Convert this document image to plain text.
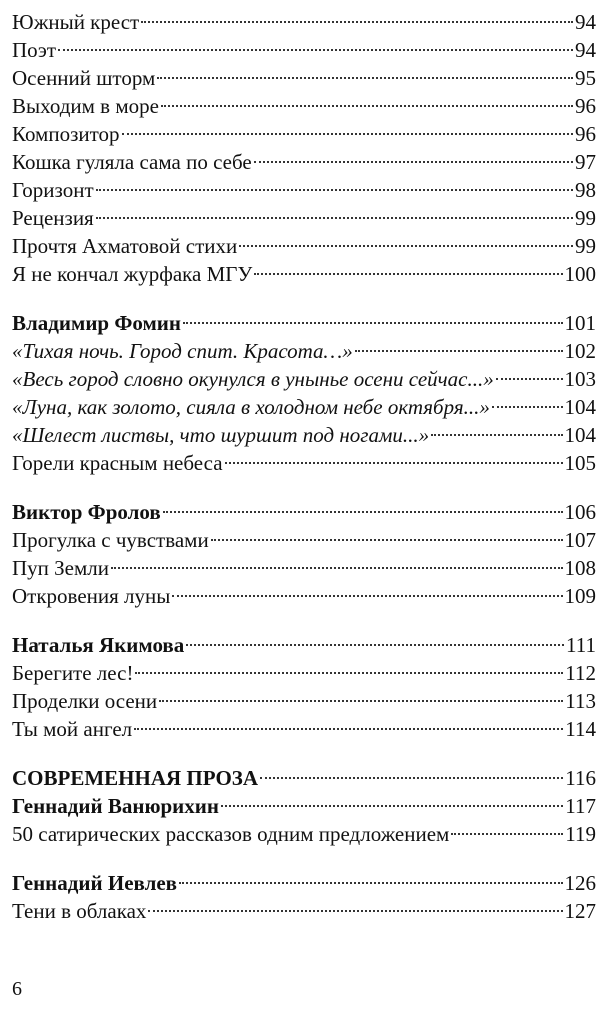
Южный крест	94
Поэт	94
Осенний шторм	95
Выходим в море	96
Композитор	96
Кошка гуляла сама по себе	97
Горизонт	98
Рецензия	99
Прочтя Ахматовой стихи	99
Я не кончал журфака МГУ	100
Владимир Фомин	101
«Тихая ночь. Город спит. Красота…»	102
«Весь город словно окунулся в унынье осени сейчас...»	103
«Луна, как золото, сияла в холодном небе октября...»	104
«Шелест листвы, что шуршит под ногами...»	104
Горели красным небеса	105
Виктор Фролов	106
Прогулка с чувствами	107
Пуп Земли	108
Откровения луны	109
Наталья Якимова	111
Берегите лес!	112
Проделки осени	113
Ты мой ангел	114
СОВРЕМЕННАЯ ПРОЗА	116
Геннадий Ванюрихин	117
50 сатирических рассказов одним предложением	119
Геннадий Иевлев	126
Тени в облаках	127
6
